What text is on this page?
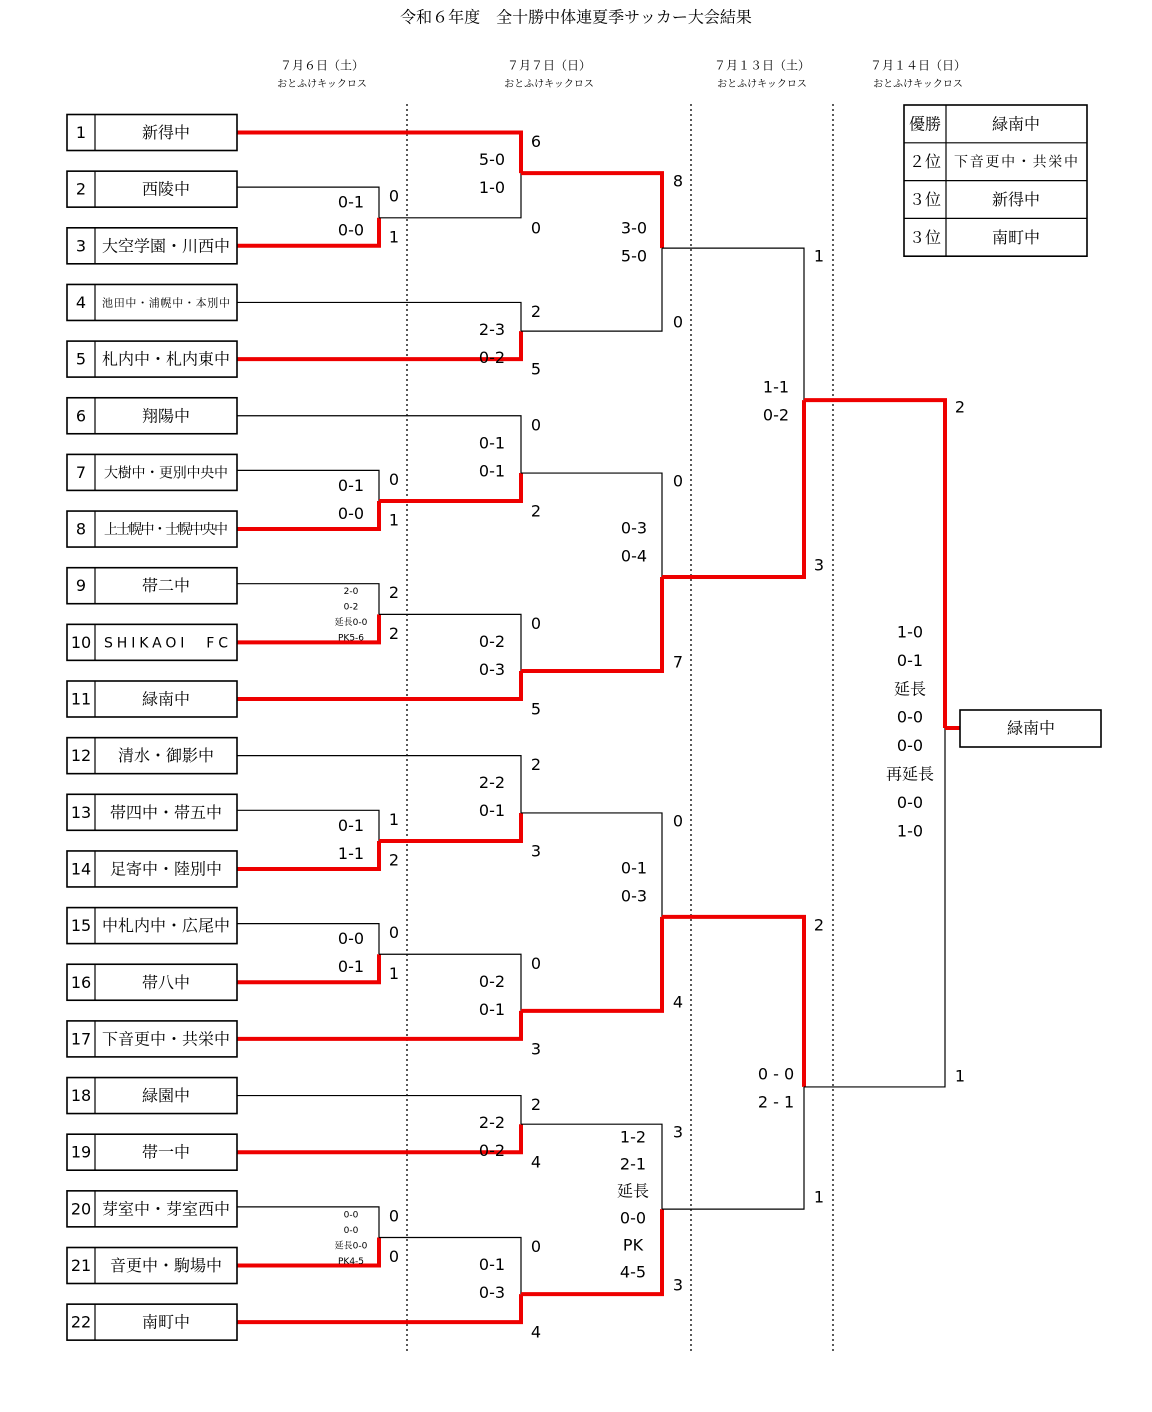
令和６年度　全十勝中体連夏季サッカー大会結果
７月６日（土）
おとふけキックロス
７月７日（日）
おとふけキックロス
７月１３日（土）
おとふけキックロス
７月１４日（日）
おとふけキックロス
1	新得中
2	西陵中
3 大空学園・川西中
4 池田中・浦幌中・本別中
5 札内中・札内東中
6	翔陽中
7 大樹中・更別中央中
8 上士幌中・士幌中央中
9	帯二中
10 SHIKAOI　FC
11	緑南中
12 清水・御影中
13 帯四中・帯五中
14 足寄中・陸別中
15 中札内中・広尾中
16	帯八中
17 下音更中・共栄中
18	緑園中
19	帯一中
20 芽室中・芽室西中
21 音更中・駒場中
22	南町中
0
1
0-1
0-0
0
1
0-1
0-0
2
2
2-0
0-2
延長0-0
PK5-6
1
2
0-1
1-1
0
1
0-0
0-1
0
0
0-0
0-0
延長0-0
PK4-5
6
0
5-0
1-0
2
5
2-3
0-2
0
2
0-1
0-1
0
5
0-2
0-3
2
3
2-2
0-1
0
3
0-2
0-1
2
4
2-2
0-2
0
4
0-1
0-3
8
0
3-0
5-0
0
7
0-3
0-4
0
4
0-1
0-3
3
3
1-2
2-1
延長
0-0
PK
4-5
1
3
1-1
0-2
2
1
0 - 0
2 - 1
2
1
1-0
0-1
延長
0-0
0-0
再延長
0-0
1-0
緑南中
優勝	緑南中
２位 下音更中・共栄中
３位	新得中
３位	南町中
